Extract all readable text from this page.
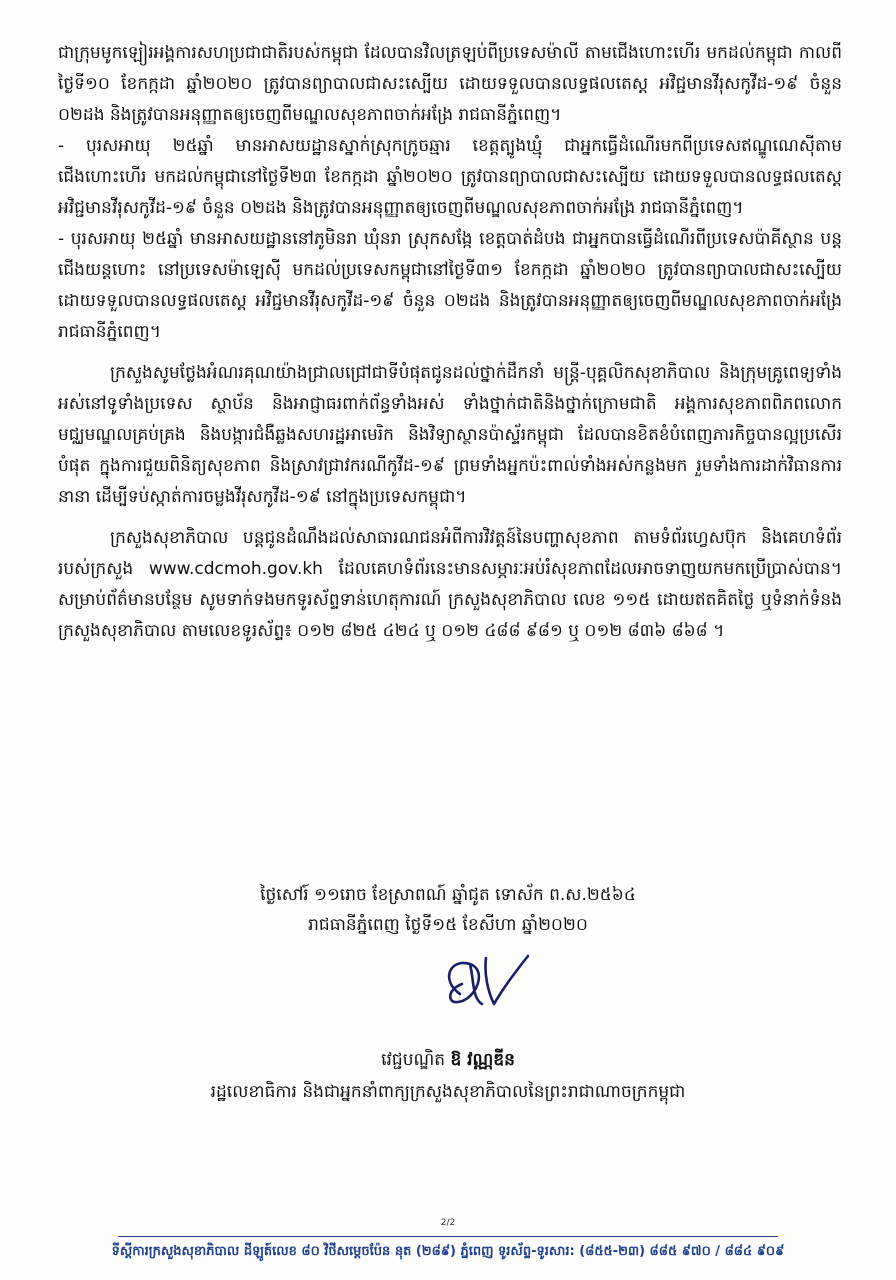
ជាក្រុមមូកឡៀរអង្គការសហប្រជាជាតិរបស់កម្ពុជា ដែលបានវិលត្រឡប់ពីប្រទេសម៉ាលី តាមជើងហោះហើរ មកដល់កម្ពុជា កាលពីថ្ងៃទី១០ ខែកក្កដា ឆ្នាំ២០២០ ត្រូវបានព្យាបាលជាសះស្បើយ ដោយទទួលបានលទ្ធផលតេស្ត អវិជ្ជមានវីរុសកូវីដ-១៩ ចំនួន ០២ដង និងត្រូវបានអនុញ្ញាតឲ្យចេញពីមណ្ឌលសុខភាពចាក់អង្រែ រាជធានីភ្នំពេញ។

- បុរសអាយុ ២៥ឆ្នាំ មានអាសយដ្ឋានស្នាក់ស្រុកក្រូចឆ្មារ ខេត្តត្បូងឃ្មុំ ជាអ្នកធ្វើដំណើរមកពីប្រទេសឥណ្ឌូណេស៊ីតាមជើងហោះហើរ មកដល់កម្ពុជានៅថ្ងៃទី២៣ ខែកក្កដា ឆ្នាំ២០២០ ត្រូវបានព្យាបាលជាសះស្បើយ ដោយទទួលបានលទ្ធផលតេស្ត អវិជ្ជមានវីរុសកូវីដ-១៩ ចំនួន ០២ដង និងត្រូវបានអនុញ្ញាតឲ្យចេញពីមណ្ឌលសុខភាពចាក់អង្រែ រាជធានីភ្នំពេញ។

- បុរសអាយុ ២៥ឆ្នាំ មានអាសយដ្ឋាននៅភូមិនរា ឃុំនរា ស្រុកសង្កែ ខេត្តបាត់ដំបង ជាអ្នកបានធ្វើដំណើរពីប្រទេសប៉ាគីស្ថាន បន្តជើងយន្តហោះ នៅប្រទេសម៉ាឡេស៊ី មកដល់ប្រទេសកម្ពុជានៅថ្ងៃទី៣១ ខែកក្កដា ឆ្នាំ២០២០ ត្រូវបានព្យាបាលជាសះស្បើយ ដោយទទួលបានលទ្ធផលតេស្ត អវិជ្ជមានវីរុសកូវីដ-១៩ ចំនួន ០២ដង និងត្រូវបានអនុញ្ញាតឲ្យចេញពីមណ្ឌលសុខភាពចាក់អង្រែ រាជធានីភ្នំពេញ។

ក្រសួងសូមថ្លែងអំណរគុណយ៉ាងជ្រាលជ្រៅជាទីបំផុតជូនដល់ថ្នាក់ដឹកនាំ មន្ត្រី-បុគ្គលិកសុខាភិបាល និងក្រុមគ្រូពេទ្យទាំងអស់នៅទូទាំងប្រទេស ស្ថាប័ន និងអាជ្ញាធរពាក់ព័ន្ធទាំងអស់ ទាំងថ្នាក់ជាតិនិងថ្នាក់ក្រោមជាតិ អង្គការសុខភាពពិភពលោក មជ្ឈមណ្ឌលគ្រប់គ្រង និងបង្ការជំងឺឆ្លងសហរដ្ឋអាមេរិក និងវិទ្យាស្ថានប៉ាស្ទ័រកម្ពុជា ដែលបានខិតខំបំពេញភារកិច្ចបានល្អប្រសើរបំផុត ក្នុងការជួយពិនិត្យសុខភាព និងស្រាវជ្រាវករណីកូវីដ-១៩ ព្រមទាំងអ្នកប៉ះពាល់ទាំងអស់កន្លងមក រួមទាំងការដាក់វិធានការនានា ដើម្បីទប់ស្កាត់ការចម្លងវីរុសកូវីដ-១៩ នៅក្នុងប្រទេសកម្ពុជា។

ក្រសួងសុខាភិបាល បន្តជូនដំណឹងដល់សាធារណជនអំពីការវិវត្តន៍នៃបញ្ហាសុខភាព តាមទំព័រហ្វេសប៊ុក និងគេហទំព័ររបស់ក្រសួង www.cdcmoh.gov.kh ដែលគេហទំព័រនេះមានសម្ភារៈអប់រំសុខភាពដែលអាចទាញយកមកប្រើប្រាស់បាន។ សម្រាប់ព័ត៌មានបន្ថែម សូមទាក់ទងមកទូរស័ព្ទទាន់ហេតុការណ៍ ក្រសួងសុខាភិបាល លេខ ១១៥ ដោយឥតគិតថ្លៃ ឬទំនាក់ទំនងក្រសួងសុខាភិបាល តាមលេខទូរស័ព្ទ៖ ០១២ ៨២៥ ៤២៤ ឬ ០១២ ៤៨៨ ៩៨១ ឬ ០១២ ៨៣៦ ៨៦៨ ។

ថ្ងៃសៅរ៍ ១១រោច ខែស្រាពណ៍ ឆ្នាំជូត ទោស័ក ព.ស.២៥៦៤
រាជធានីភ្នំពេញ ថ្ងៃទី១៥ ខែសីហា ឆ្នាំ២០២០
វេជ្ជបណ្ឌិត ឱ វណ្ណឌីន
រដ្ឋលេខាធិការ និងជាអ្នកនាំពាក្យក្រសួងសុខាភិបាលនៃព្រះរាជាណាចក្រកម្ពុជា
2/2
ទីស្តីការក្រសួងសុខាភិបាល ដីឡូត៍លេខ ៨០ វិថីសម្តេចប៉ែន នុត (២៨៩) ភ្នំពេញ ទូរស័ព្ទ-ទូរសារ: (៨៥៥-២៣) ៨៨៥ ៩៧០ / ៨៨៤ ៩០៩
